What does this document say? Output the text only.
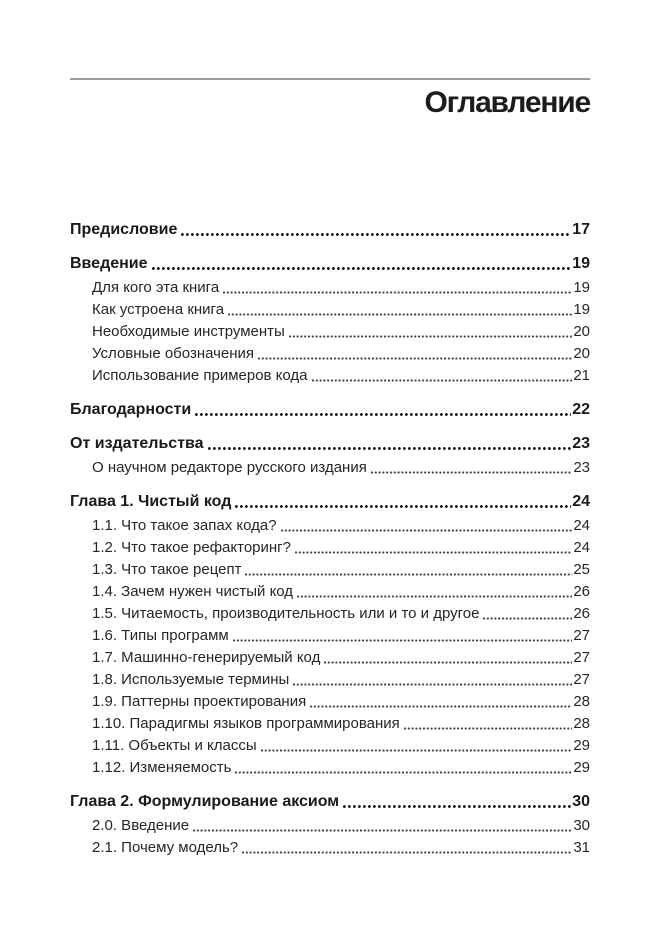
Оглавление
Предисловие	17
Введение	19
Для кого эта книга	19
Как устроена книга	19
Необходимые инструменты	20
Условные обозначения	20
Использование примеров кода	21
Благодарности	22
От издательства	23
О научном редакторе русского издания	23
Глава 1. Чистый код	24
1.1. Что такое запах кода?	24
1.2. Что такое рефакторинг?	24
1.3. Что такое рецепт	25
1.4. Зачем нужен чистый код	26
1.5. Читаемость, производительность или и то и другое	26
1.6. Типы программ	27
1.7. Машинно-генерируемый код	27
1.8. Используемые термины	27
1.9. Паттерны проектирования	28
1.10. Парадигмы языков программирования	28
1.11. Объекты и классы	29
1.12. Изменяемость	29
Глава 2. Формулирование аксиом	30
2.0. Введение	30
2.1. Почему модель?	31
